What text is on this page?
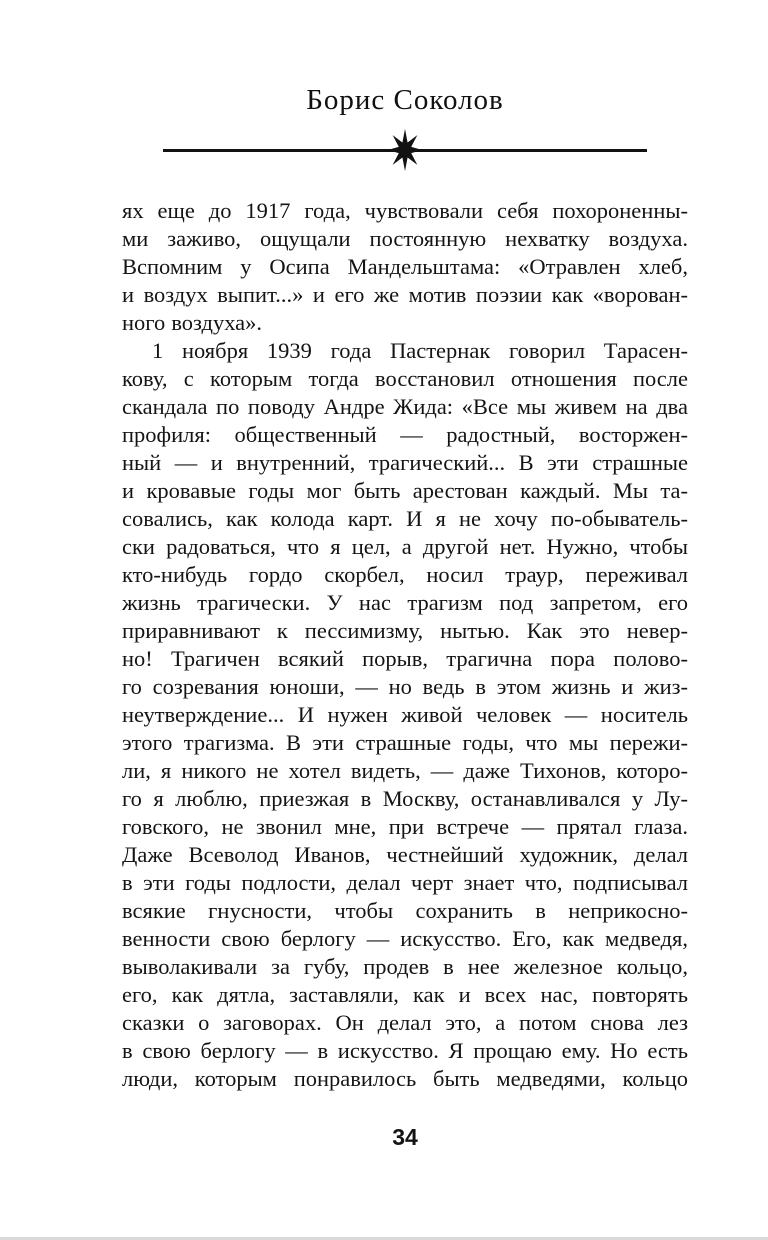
Борис Соколов
ях еще до 1917 года, чувствовали себя похороненны-
ми заживо, ощущали постоянную нехватку воздуха.
Вспомним у Осипа Мандельштама: «Отравлен хлеб,
и воздух выпит...» и его же мотив поэзии как «ворован-
ного воздуха».
1 ноября 1939 года Пастернак говорил Тарасен-
кову, с которым тогда восстановил отношения после
скандала по поводу Андре Жида: «Все мы живем на два
профиля: общественный — радостный, восторжен-
ный — и внутренний, трагический... В эти страшные
и кровавые годы мог быть арестован каждый. Мы та-
совались, как колода карт. И я не хочу по-обыватель-
ски радоваться, что я цел, а другой нет. Нужно, чтобы
кто-нибудь гордо скорбел, носил траур, переживал
жизнь трагически. У нас трагизм под запретом, его
приравнивают к пессимизму, нытью. Как это невер-
но! Трагичен всякий порыв, трагична пора полово-
го созревания юноши, — но ведь в этом жизнь и жиз-
неутверждение... И нужен живой человек — носитель
этого трагизма. В эти страшные годы, что мы пережи-
ли, я никого не хотел видеть, — даже Тихонов, которо-
го я люблю, приезжая в Москву, останавливался у Лу-
говского, не звонил мне, при встрече — прятал глаза.
Даже Всеволод Иванов, честнейший художник, делал
в эти годы подлости, делал черт знает что, подписывал
всякие гнусности, чтобы сохранить в неприкосно-
венности свою берлогу — искусство. Его, как медведя,
выволакивали за губу, продев в нее железное кольцо,
его, как дятла, заставляли, как и всех нас, повторять
сказки о заговорах. Он делал это, а потом снова лез
в свою берлогу — в искусство. Я прощаю ему. Но есть
люди, которым понравилось быть медведями, кольцо
34
